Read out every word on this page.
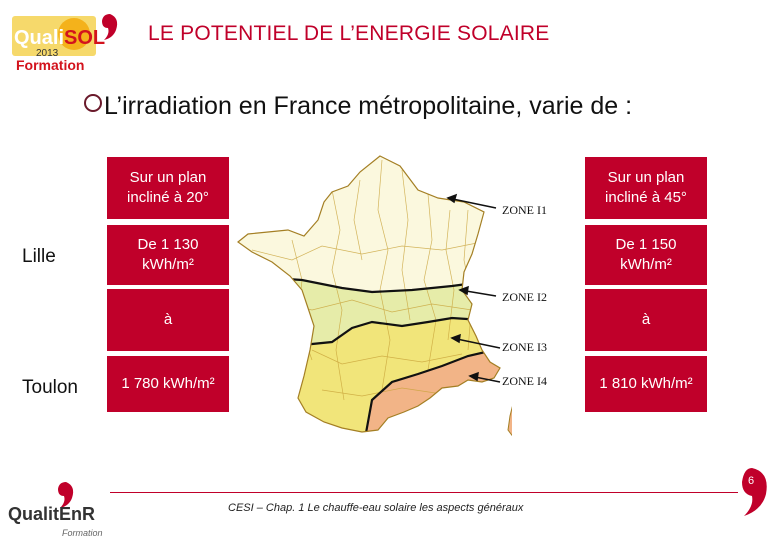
Quali SOL
2013
Formation
LE POTENTIEL DE L’ENERGIE SOLAIRE
L’irradiation en France métropolitaine, varie de :
Lille
Toulon
Sur un plan incliné à 20°
De 1 130 kWh/m²
à
1 780 kWh/m²
Sur un plan incliné à 45°
De 1 150 kWh/m²
à
1 810 kWh/m²
ZONE I1
ZONE I2
ZONE I3
ZONE I4
QualitEnR
Formation
CESI – Chap. 1 Le chauffe-eau solaire les aspects généraux
6
